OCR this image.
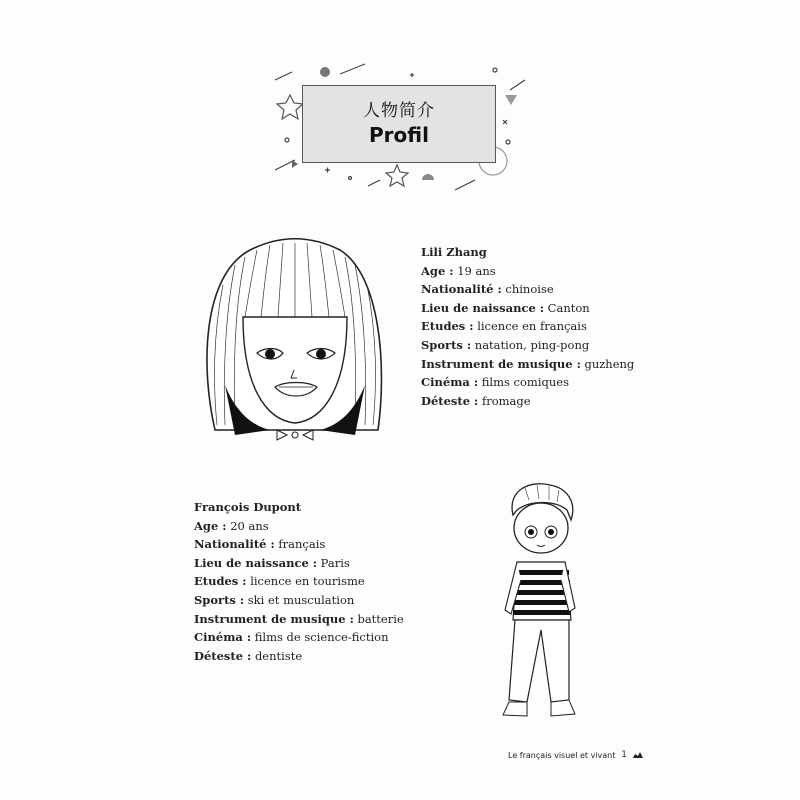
人物简介
Profil
Lili Zhang
Age : 19 ans
Nationalité : chinoise
Lieu de naissance : Canton
Etudes : licence en français
Sports : natation, ping-pong
Instrument de musique : guzheng
Cinéma : films comiques
Déteste : fromage
François Dupont
Age : 20 ans
Nationalité : français
Lieu de naissance : Paris
Etudes : licence en tourisme
Sports : ski et musculation
Instrument de musique : batterie
Cinéma : films de science-fiction
Déteste : dentiste
Le français visuel et vivant 1
